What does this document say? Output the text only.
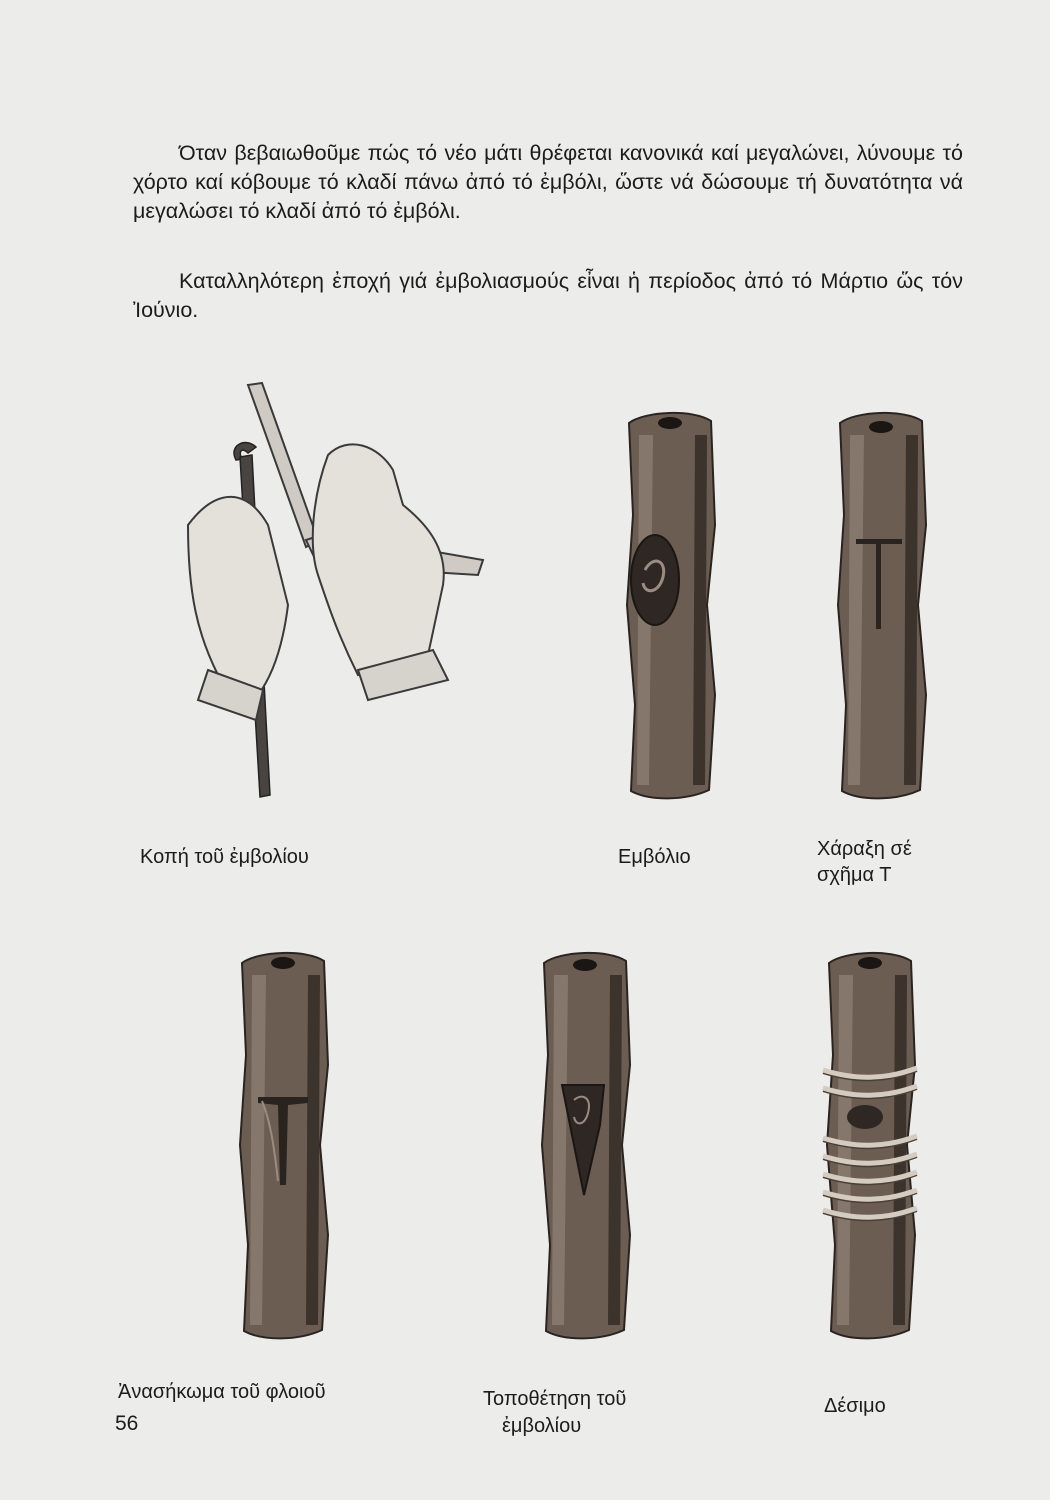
Όταν βεβαιωθοῦμε πώς τό νέο μάτι θρέφεται κανονικά καί μεγαλώνει, λύνουμε τό χόρτο καί κόβουμε τό κλαδί πάνω ἀπό τό ἐμβόλι, ὥστε νά δώσουμε τή δυνατότητα νά μεγαλώσει τό κλαδί ἀπό τό ἐμβόλι.

Καταλληλότερη ἐποχή γιά ἐμβολιασμούς εἶναι ἡ περίοδος ἀπό τό Μάρτιο ὥς τόν Ἰούνιο.

Κοπή τοῦ ἐμβολίου	Εμβόλιο	Χάραξη σέ

σχῆμα Τ

Ἀνασήκωμα τοῦ φλοιοῦ	Τοποθέτηση τοῦ

ἐμβολίου

Δέσιμο

56
